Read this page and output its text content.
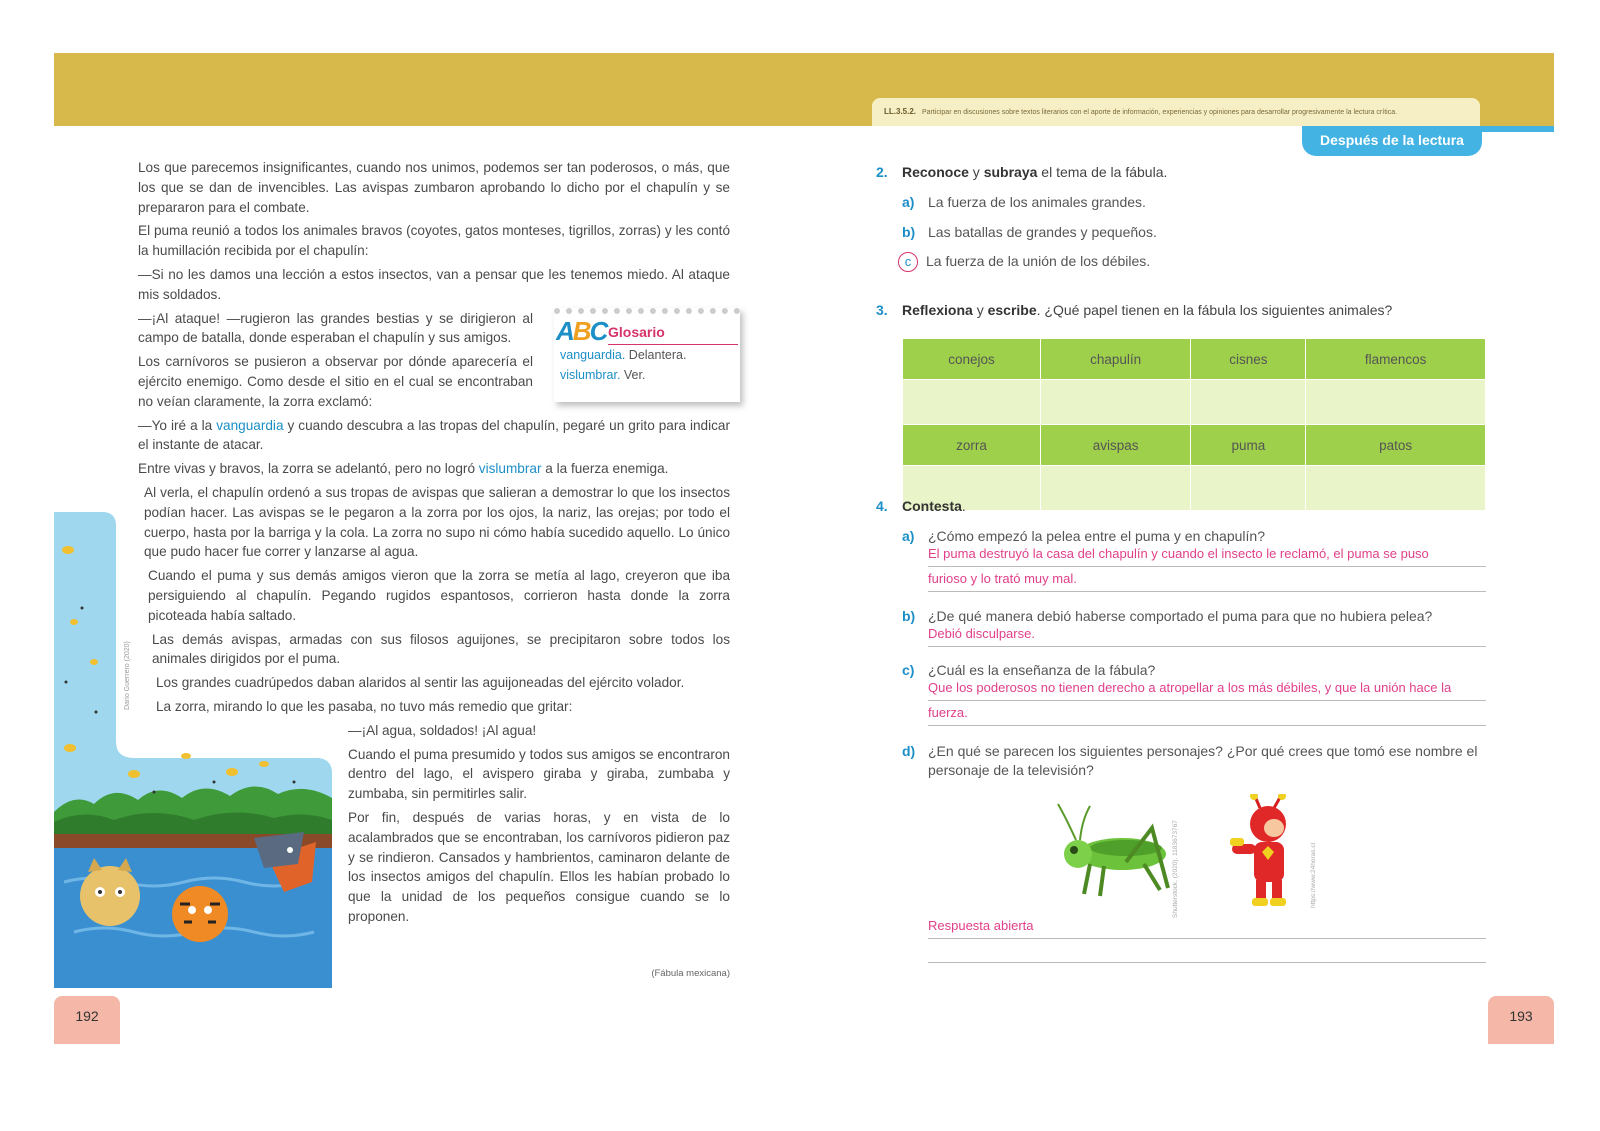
LL.3.5.2. Participar en discusiones sobre textos literarios con el aporte de información, experiencias y opiniones para desarrollar progresivamente la lectura crítica.
Después de la lectura

Los que parecemos insignificantes, cuando nos unimos, podemos ser tan poderosos, o más, que los que se dan de invencibles. Las avispas zumbaron aprobando lo dicho por el chapulín y se prepararon para el combate.

El puma reunió a todos los animales bravos (coyotes, gatos monteses, tigrillos, zorras) y les contó la humillación recibida por el chapulín:

—Si no les damos una lección a estos insectos, van a pensar que les tenemos miedo. Al ataque mis soldados.

—¡Al ataque! —rugieron las grandes bestias y se dirigieron al campo de batalla, donde esperaban el chapulín y sus amigos.

Los carnívoros se pusieron a observar por dónde aparecería el ejército enemigo. Como desde el sitio en el cual se encontraban no veían claramente, la zorra exclamó:

—Yo iré a la vanguardia y cuando descubra a las tropas del chapulín, pegaré un grito para indicar el instante de atacar.

Entre vivas y bravos, la zorra se adelantó, pero no logró vislumbrar a la fuerza enemiga.

Al verla, el chapulín ordenó a sus tropas de avispas que salieran a demostrar lo que los insectos podían hacer. Las avispas se le pegaron a la zorra por los ojos, la nariz, las orejas; por todo el cuerpo, hasta por la barriga y la cola. La zorra no supo ni cómo había sucedido aquello. Lo único que pudo hacer fue correr y lanzarse al agua.

Cuando el puma y sus demás amigos vieron que la zorra se metía al lago, creyeron que iba persiguiendo al chapulín. Pegando rugidos espantosos, corrieron hasta donde la zorra picoteada había saltado.

Las demás avispas, armadas con sus filosos aguijones, se precipitaron sobre todos los animales dirigidos por el puma.

Los grandes cuadrúpedos daban alaridos al sentir las aguijoneadas del ejército volador.

La zorra, mirando lo que les pasaba, no tuvo más remedio que gritar:

—¡Al agua, soldados! ¡Al agua!

Cuando el puma presumido y todos sus amigos se encontraron dentro del lago, el avispero giraba y giraba, zumbaba y zumbaba, sin permitirles salir.

Por fin, después de varias horas, y en vista de lo acalambrados que se encontraban, los carnívoros pidieron paz y se rindieron. Cansados y hambrientos, caminaron delante de los insectos amigos del chapulín. Ellos les habían probado lo que la unidad de los pequeños consigue cuando se lo proponen.

ABC Glosario
vanguardia. Delantera.
vislumbrar. Ver.
Dario Guerrero (2020)
(Fábula mexicana)
192	193
2. Reconoce y subraya el tema de la fábula.
a) La fuerza de los animales grandes.
b) Las batallas de grandes y pequeños.
c La fuerza de la unión de los débiles.
3. Reflexiona y escribe. ¿Qué papel tienen en la fábula los siguientes animales?
conejos	chapulín	cisnes	flamencos

zorra	avispas	puma	patos

4. Contesta.
a) ¿Cómo empezó la pelea entre el puma y en chapulín?
El puma destruyó la casa del chapulín y cuando el insecto le reclamó, el puma se puso
furioso y lo trató muy mal.
b) ¿De qué manera debió haberse comportado el puma para que no hubiera pelea?
Debió disculparse.
c) ¿Cuál es la enseñanza de la fábula?
Que los poderosos no tienen derecho a atropellar a los más débiles, y que la unión hace la
fuerza.
d) ¿En qué se parecen los siguientes personajes? ¿Por qué crees que tomó ese nombre el personaje de la televisión?
Shutterstock, (2020). 1183673767	https://www.24horas.cl
Respuesta abierta
